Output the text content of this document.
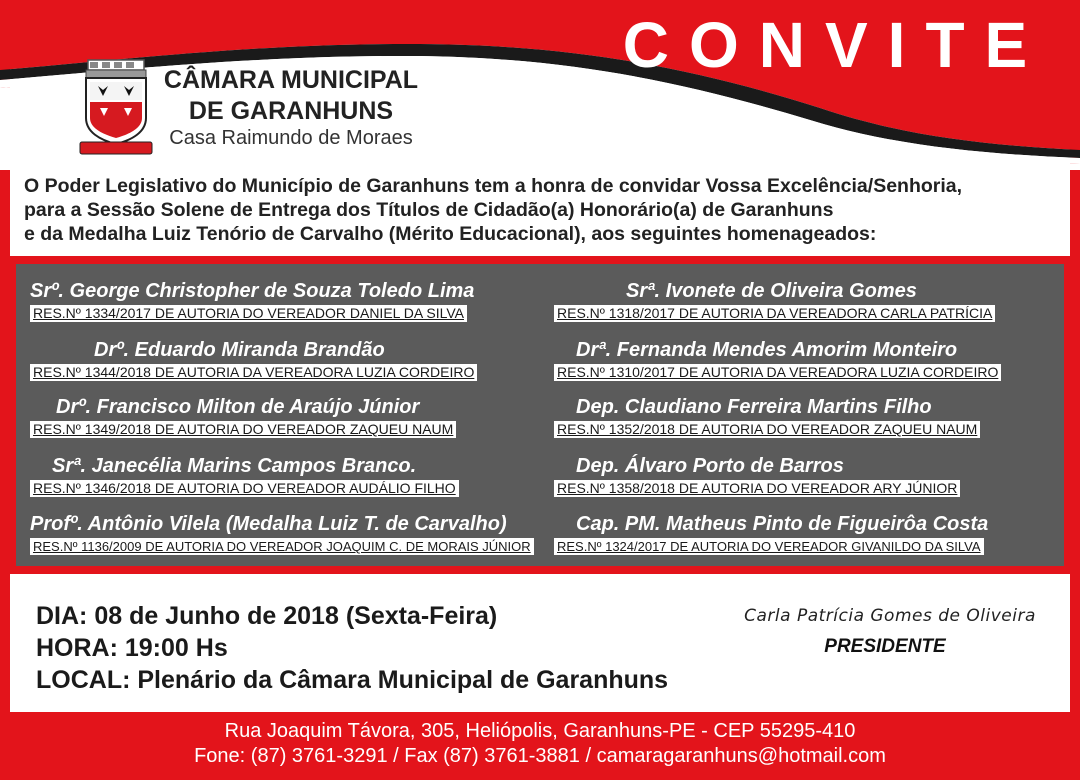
CONVITE
CÂMARA MUNICIPAL
DE GARANHUNS
Casa Raimundo de Moraes

O Poder Legislativo do Município de Garanhuns tem a honra de convidar Vossa Excelência/Senhoria,

para a Sessão Solene de Entrega dos Títulos de Cidadão(a) Honorário(a) de Garanhuns

e da Medalha Luiz Tenório de Carvalho (Mérito Educacional), aos seguintes homenageados:

Srº. George Christopher de Souza Toledo Lima
RES.Nº 1334/2017 DE AUTORIA DO VEREADOR DANIEL DA SILVA
Drº. Eduardo Miranda Brandão
RES.Nº 1344/2018 DE AUTORIA DA VEREADORA LUZIA CORDEIRO
Drº. Francisco Milton de Araújo Júnior
RES.Nº 1349/2018 DE AUTORIA DO VEREADOR ZAQUEU NAUM
Srª. Janecélia Marins Campos Branco.
RES.Nº 1346/2018 DE AUTORIA DO VEREADOR AUDÁLIO FILHO
Profº. Antônio Vilela (Medalha Luiz T. de Carvalho)
RES.Nº 1136/2009 DE AUTORIA DO VEREADOR JOAQUIM C. DE MORAIS JÚNIOR
Srª. Ivonete de Oliveira Gomes
RES.Nº 1318/2017 DE AUTORIA DA VEREADORA CARLA PATRÍCIA
Drª. Fernanda Mendes Amorim Monteiro
RES.Nº 1310/2017 DE AUTORIA DA VEREADORA LUZIA CORDEIRO
Dep. Claudiano Ferreira Martins Filho
RES.Nº 1352/2018 DE AUTORIA DO VEREADOR ZAQUEU NAUM
Dep. Álvaro Porto de Barros
RES.Nº 1358/2018 DE AUTORIA DO VEREADOR ARY JÚNIOR
Cap. PM. Matheus Pinto de Figueirôa Costa
RES.Nº 1324/2017 DE AUTORIA DO VEREADOR GIVANILDO DA SILVA
DIA: 08 de Junho de 2018 (Sexta-Feira)
HORA: 19:00 Hs
LOCAL: Plenário da Câmara Municipal de Garanhuns
Carla Patrícia Gomes de Oliveira
PRESIDENTE
Rua Joaquim Távora, 305, Heliópolis, Garanhuns-PE - CEP 55295-410
Fone: (87) 3761-3291 / Fax (87) 3761-3881 / camaragaranhuns@hotmail.com
